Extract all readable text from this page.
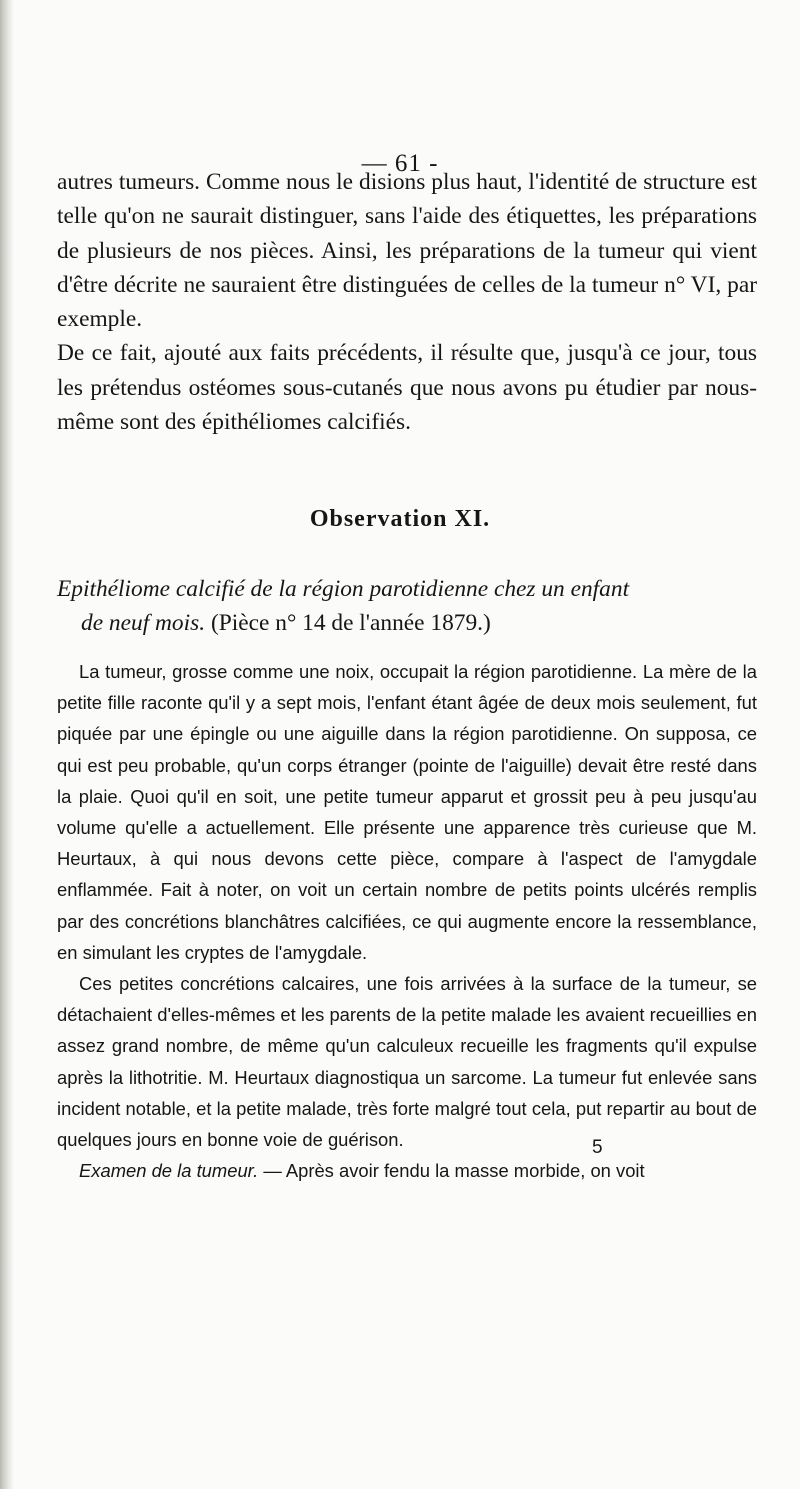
— 61 -

autres tumeurs. Comme nous le disions plus haut, l'identité de structure est telle qu'on ne saurait distinguer, sans l'aide des étiquettes, les préparations de plusieurs de nos pièces. Ainsi, les préparations de la tumeur qui vient d'être décrite ne sauraient être distinguées de celles de la tumeur n° VI, par exemple.

De ce fait, ajouté aux faits précédents, il résulte que, jusqu'à ce jour, tous les prétendus ostéomes sous-cutanés que nous avons pu étudier par nous-même sont des épithéliomes calcifiés.

Observation XI.
Epithéliome calcifié de la région parotidienne chez un enfant
de neuf mois. (Pièce n° 14 de l'année 1879.)

La tumeur, grosse comme une noix, occupait la région parotidienne. La mère de la petite fille raconte qu'il y a sept mois, l'enfant étant âgée de deux mois seulement, fut piquée par une épingle ou une aiguille dans la région parotidienne. On supposa, ce qui est peu probable, qu'un corps étranger (pointe de l'aiguille) devait être resté dans la plaie. Quoi qu'il en soit, une petite tumeur apparut et grossit peu à peu jusqu'au volume qu'elle a actuellement. Elle présente une apparence très curieuse que M. Heurtaux, à qui nous devons cette pièce, compare à l'aspect de l'amygdale enflammée. Fait à noter, on voit un certain nombre de petits points ulcérés remplis par des concrétions blanchâtres calcifiées, ce qui augmente encore la ressemblance, en simulant les cryptes de l'amygdale.

Ces petites concrétions calcaires, une fois arrivées à la surface de la tumeur, se détachaient d'elles-mêmes et les parents de la petite malade les avaient recueillies en assez grand nombre, de même qu'un calculeux recueille les fragments qu'il expulse après la lithotritie. M. Heurtaux diagnostiqua un sarcome. La tumeur fut enlevée sans incident notable, et la petite malade, très forte malgré tout cela, put repartir au bout de quelques jours en bonne voie de guérison.

Examen de la tumeur. — Après avoir fendu la masse morbide, on voit

5
